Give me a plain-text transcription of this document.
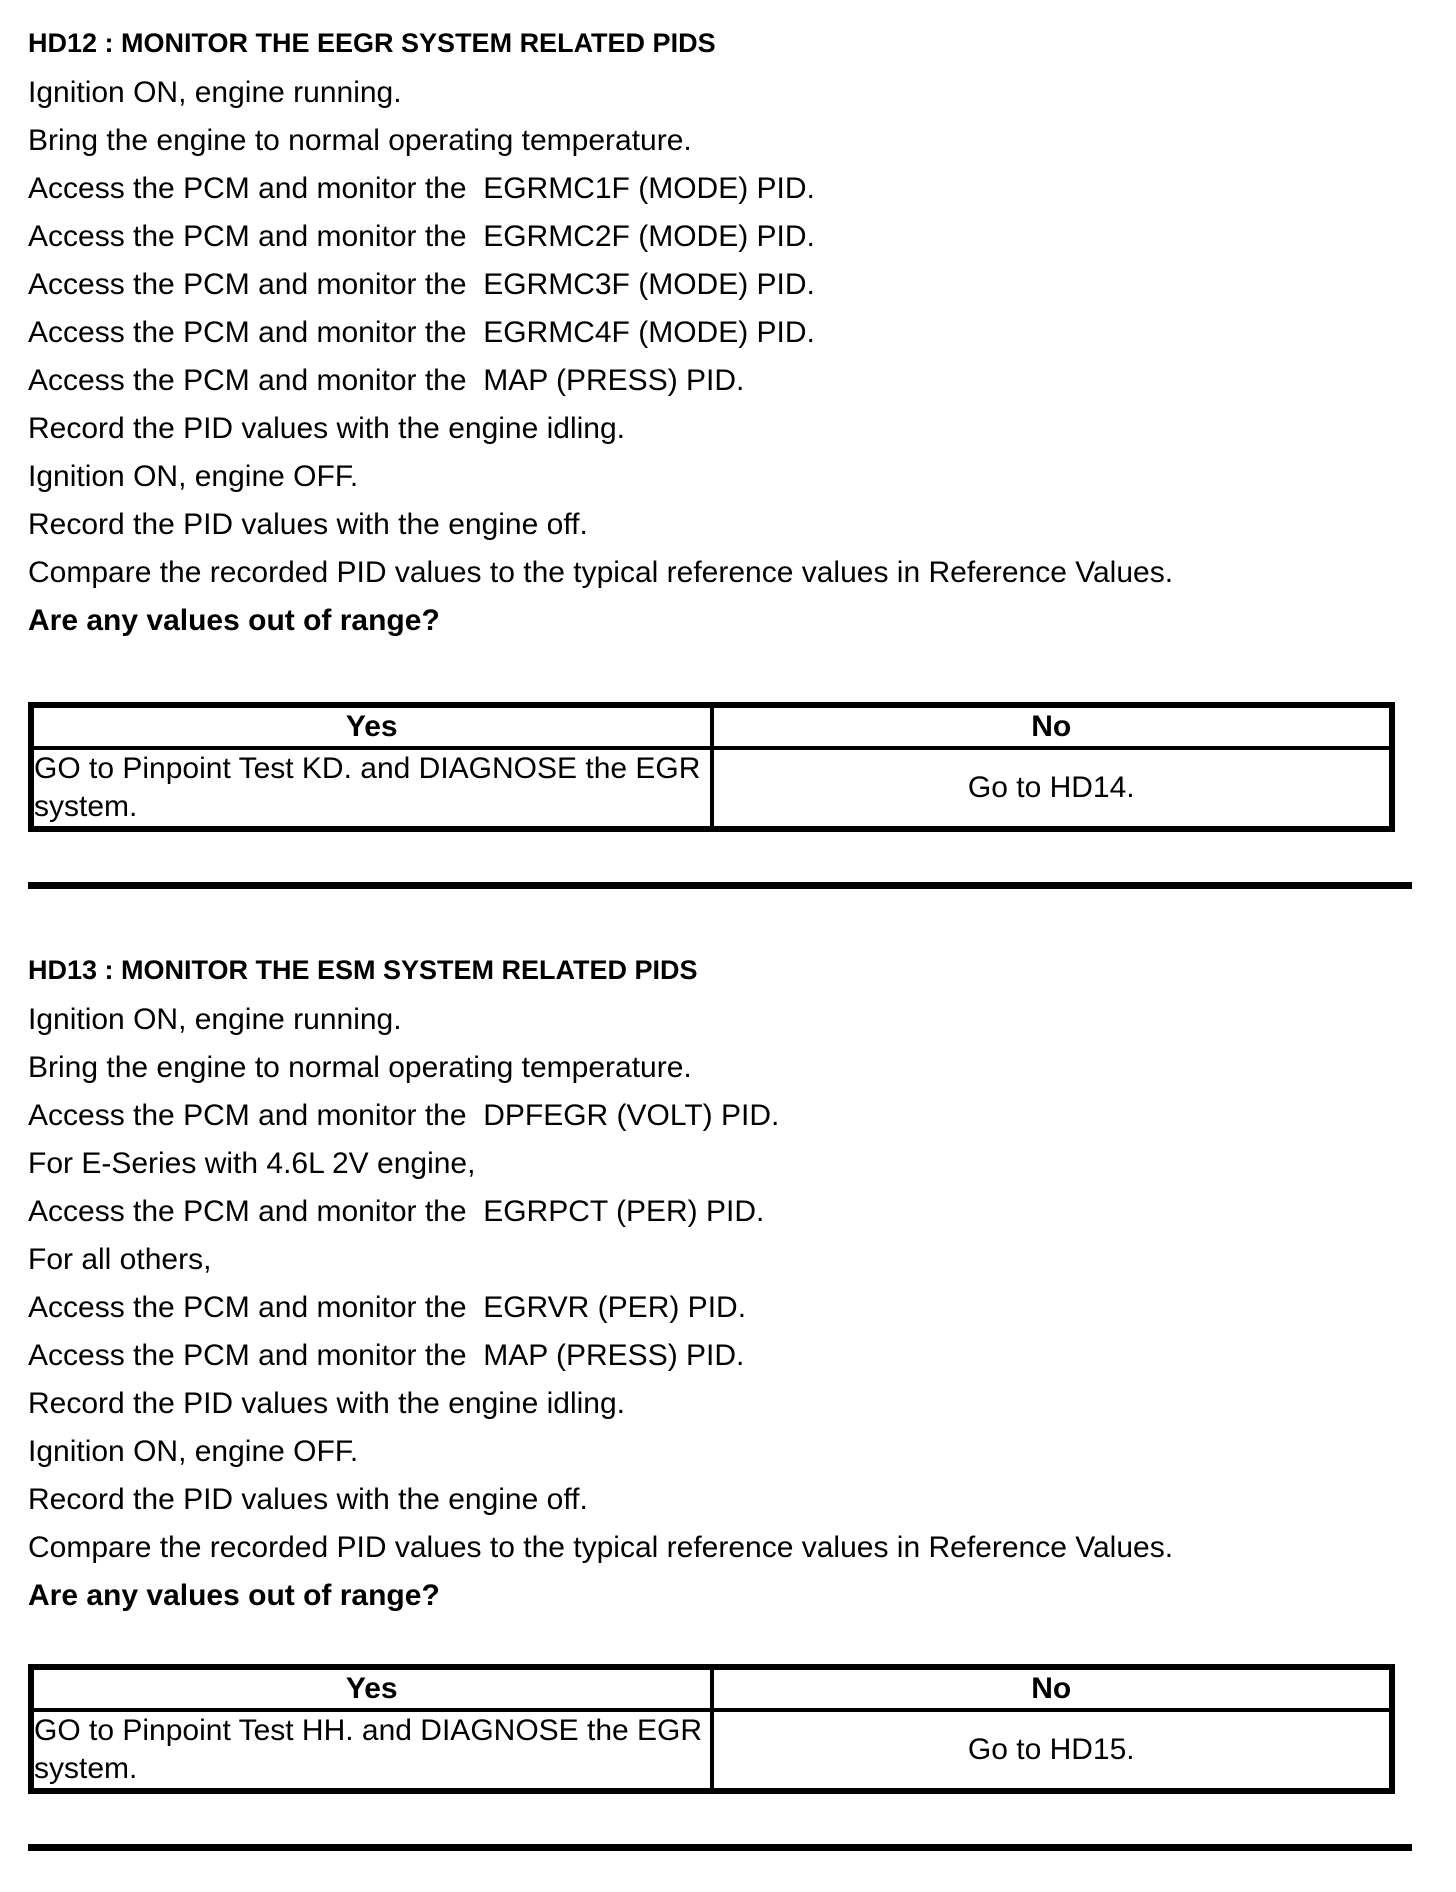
HD12 : MONITOR THE EEGR SYSTEM RELATED PIDS

Ignition ON, engine running.

Bring the engine to normal operating temperature.

Access the PCM and monitor the  EGRMC1F (MODE) PID.

Access the PCM and monitor the  EGRMC2F (MODE) PID.

Access the PCM and monitor the  EGRMC3F (MODE) PID.

Access the PCM and monitor the  EGRMC4F (MODE) PID.

Access the PCM and monitor the  MAP (PRESS) PID.

Record the PID values with the engine idling.

Ignition ON, engine OFF.

Record the PID values with the engine off.

Compare the recorded PID values to the typical reference values in Reference Values.

Are any values out of range?

Yes	No
GO to Pinpoint Test KD. and DIAGNOSE the EGR system.	Go to HD14.
HD13 : MONITOR THE ESM SYSTEM RELATED PIDS

Ignition ON, engine running.

Bring the engine to normal operating temperature.

Access the PCM and monitor the  DPFEGR (VOLT) PID.

For E-Series with 4.6L 2V engine,

Access the PCM and monitor the  EGRPCT (PER) PID.

For all others,

Access the PCM and monitor the  EGRVR (PER) PID.

Access the PCM and monitor the  MAP (PRESS) PID.

Record the PID values with the engine idling.

Ignition ON, engine OFF.

Record the PID values with the engine off.

Compare the recorded PID values to the typical reference values in Reference Values.

Are any values out of range?

Yes	No
GO to Pinpoint Test HH. and DIAGNOSE the EGR system.	Go to HD15.
